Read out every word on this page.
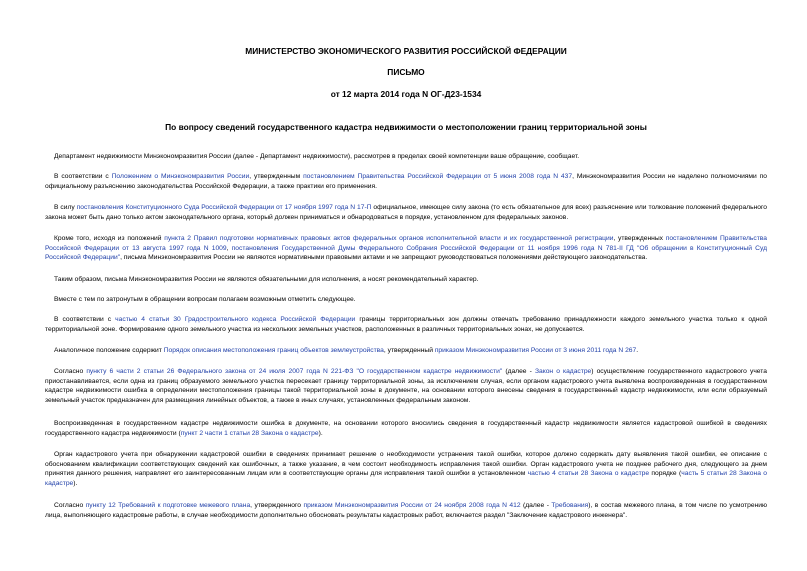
МИНИСТЕРСТВО ЭКОНОМИЧЕСКОГО РАЗВИТИЯ РОССИЙСКОЙ ФЕДЕРАЦИИ
ПИСЬМО
от 12 марта 2014 года N ОГ-Д23-1534
По вопросу сведений государственного кадастра недвижимости о местоположении границ территориальной зоны
Департамент недвижимости Минэкономразвития России (далее - Департамент недвижимости), рассмотрев в пределах своей компетенции ваше обращение, сообщает.
В соответствии с Положением о Минэкономразвития России, утвержденным постановлением Правительства Российской Федерации от 5 июня 2008 года N 437, Минэкономразвития России не наделено полномочиями по официальному разъяснению законодательства Российской Федерации, а также практики его применения.
В силу постановления Конституционного Суда Российской Федерации от 17 ноября 1997 года N 17-П официальное, имеющее силу закона (то есть обязательное для всех) разъяснение или толкование положений федерального закона может быть дано только актом законодательного органа, который должен приниматься и обнародоваться в порядке, установленном для федеральных законов.
Кроме того, исходя из положений пункта 2 Правил подготовки нормативных правовых актов федеральных органов исполнительной власти и их государственной регистрации, утвержденных постановлением Правительства Российской Федерации от 13 августа 1997 года N 1009, постановления Государственной Думы Федерального Собрания Российской Федерации от 11 ноября 1996 года N 781-II ГД "Об обращении в Конституционный Суд Российской Федерации", письма Минэкономразвития России не являются нормативными правовыми актами и не запрещают руководствоваться положениями действующего законодательства.
Таким образом, письма Минэкономразвития России не являются обязательными для исполнения, а носят рекомендательный характер.
Вместе с тем по затронутым в обращении вопросам полагаем возможным отметить следующее.
В соответствии с частью 4 статьи 30 Градостроительного кодекса Российской Федерации границы территориальных зон должны отвечать требованию принадлежности каждого земельного участка только к одной территориальной зоне. Формирование одного земельного участка из нескольких земельных участков, расположенных в различных территориальных зонах, не допускается.
Аналогичное положение содержит Порядок описания местоположения границ объектов землеустройства, утвержденный приказом Минэкономразвития России от 3 июня 2011 года N 267.
Согласно пункту 6 части 2 статьи 26 Федерального закона от 24 июля 2007 года N 221-ФЗ "О государственном кадастре недвижимости" (далее - Закон о кадастре) осуществление государственного кадастрового учета приостанавливается, если одна из границ образуемого земельного участка пересекает границу территориальной зоны, за исключением случая, если органом кадастрового учета выявлена воспроизведенная в государственном кадастре недвижимости ошибка в определении местоположения границы такой территориальной зоны в документе, на основании которого внесены сведения в государственный кадастр недвижимости, или если образуемый земельный участок предназначен для размещения линейных объектов, а также в иных случаях, установленных федеральным законом.
Воспроизведенная в государственном кадастре недвижимости ошибка в документе, на основании которого вносились сведения в государственный кадастр недвижимости является кадастровой ошибкой в сведениях государственного кадастра недвижимости (пункт 2 части 1 статьи 28 Закона о кадастре).
Орган кадастрового учета при обнаружении кадастровой ошибки в сведениях принимает решение о необходимости устранения такой ошибки, которое должно содержать дату выявления такой ошибки, ее описание с обоснованием квалификации соответствующих сведений как ошибочных, а также указание, в чем состоит необходимость исправления такой ошибки. Орган кадастрового учета не позднее рабочего дня, следующего за днем принятия данного решения, направляет его заинтересованным лицам или в соответствующие органы для исправления такой ошибки в установленном частью 4 статьи 28 Закона о кадастре порядке (часть 5 статьи 28 Закона о кадастре).
Согласно пункту 12 Требований к подготовке межевого плана, утвержденного приказом Минэкономразвития России от 24 ноября 2008 года N 412 (далее - Требования), в состав межевого плана, в том числе по усмотрению лица, выполняющего кадастровые работы, в случае необходимости дополнительно обосновать результаты кадастровых работ, включается раздел "Заключение кадастрового инженера".
